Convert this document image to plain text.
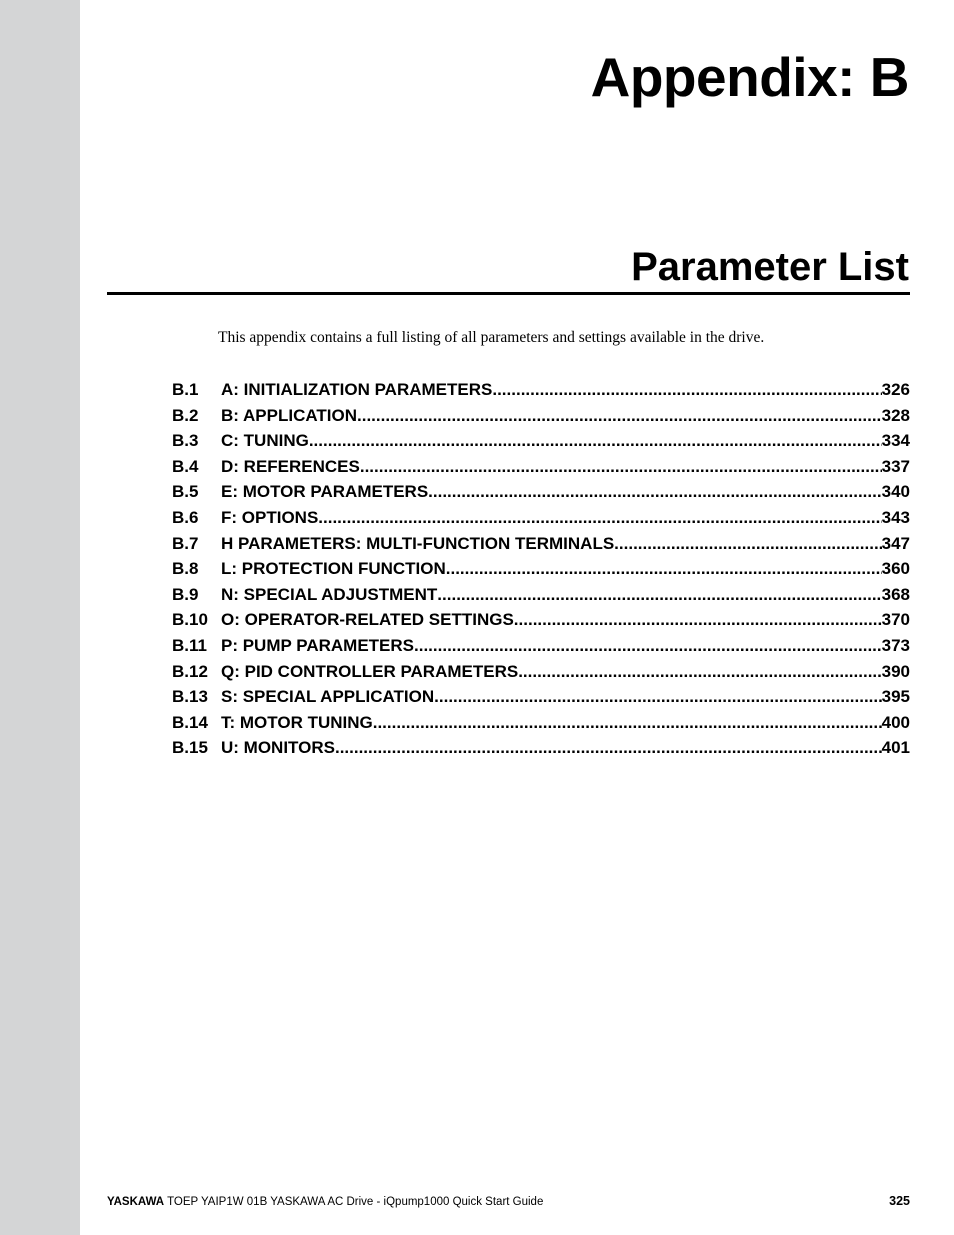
Appendix: B
Parameter List

This appendix contains a full listing of all parameters and settings available in the drive.

B.1	A: INITIALIZATION PARAMETERS .....	326
B.2	B: APPLICATION .....	328
B.3	C: TUNING .....	334
B.4	D: REFERENCES .....	337
B.5	E: MOTOR PARAMETERS .....	340
B.6	F: OPTIONS .....	343
B.7	H PARAMETERS: MULTI-FUNCTION TERMINALS .....	347
B.8	L: PROTECTION FUNCTION .....	360
B.9	N: SPECIAL ADJUSTMENT .....	368
B.10 O: OPERATOR-RELATED SETTINGS .....	370
B.11 P: PUMP PARAMETERS .....	373
B.12 Q: PID CONTROLLER PARAMETERS .....	390
B.13 S: SPECIAL APPLICATION .....	395
B.14 T: MOTOR TUNING .....	400
B.15 U: MONITORS .....	401
YASKAWA TOEP YAIP1W 01B YASKAWA AC Drive - iQpump1000 Quick Start Guide	325
